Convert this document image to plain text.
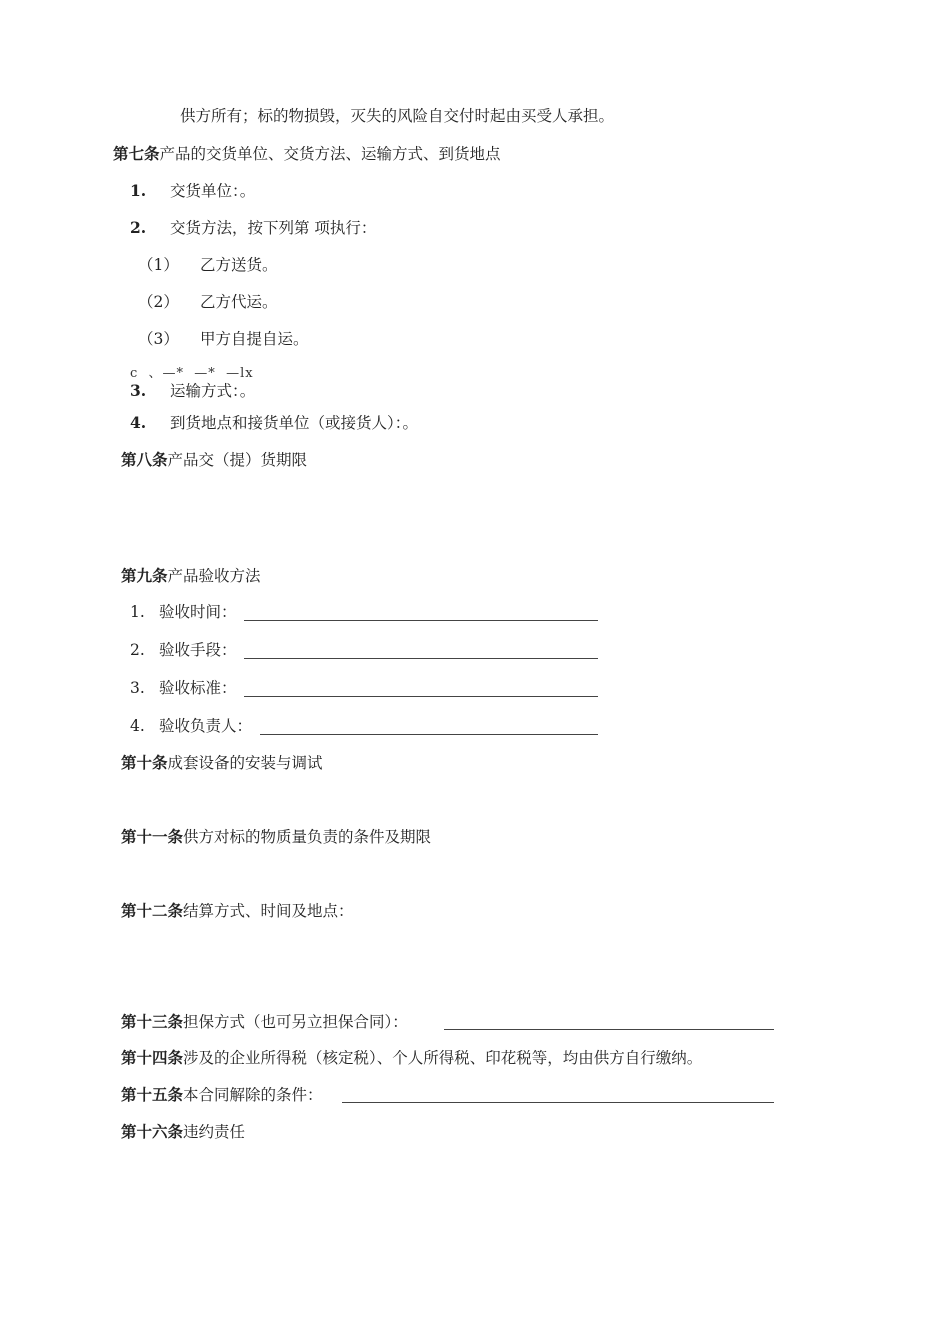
供方所有；标的物损毁，灭失的风险自交付时起由买受人承担。
第七条产品的交货单位、交货方法、运输方式、到货地点
1. 交货单位：。
2. 交货方法，按下列第 项执行：
（1） 乙方送货。
（2） 乙方代运。
（3） 甲方自提自运。
c  、—*  —*  —lx
3. 运输方式：。
4. 到货地点和接货单位（或接货人）：。
第八条产品交（提）货期限
第九条产品验收方法
1. 验收时间：
2. 验收手段：
3. 验收标准：
4. 验收负责人：
第十条成套设备的安装与调试
第十一条供方对标的物质量负责的条件及期限
第十二条结算方式、时间及地点：
第十三条担保方式（也可另立担保合同）：
第十四条涉及的企业所得税（核定税）、个人所得税、印花税等，均由供方自行缴纳。
第十五条本合同解除的条件：
第十六条违约责任
